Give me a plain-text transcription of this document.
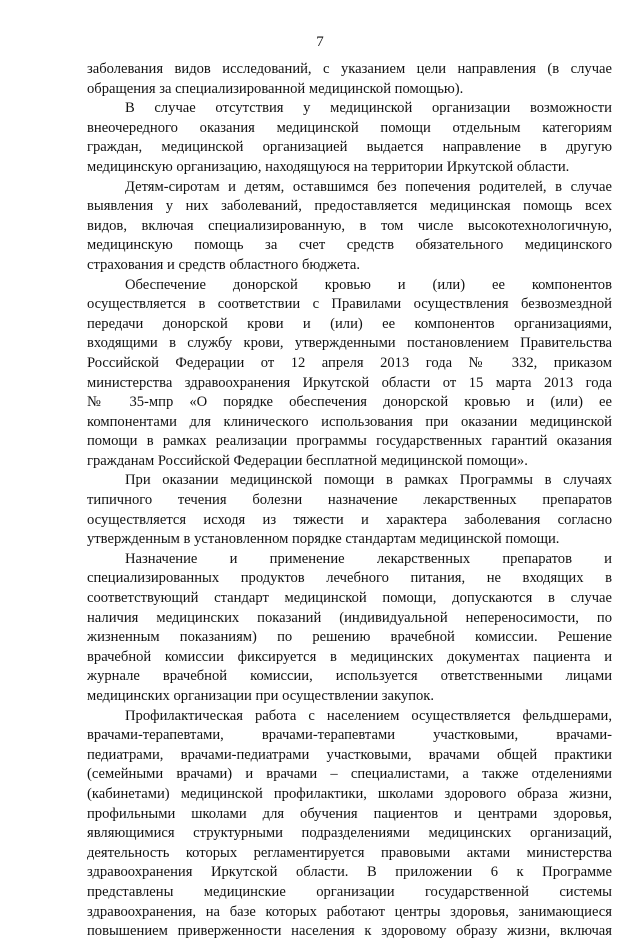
7
заболевания видов исследований, с указанием цели направления (в случае
обращения за специализированной медицинской помощью).
В случае отсутствия у медицинской организации возможности
внеочередного оказания медицинской помощи отдельным категориям
граждан, медицинской организацией выдается направление в другую
медицинскую организацию, находящуюся на территории Иркутской области.
Детям-сиротам и детям, оставшимся без попечения родителей, в случае
выявления у них заболеваний, предоставляется медицинская помощь всех
видов, включая специализированную, в том числе высокотехнологичную,
медицинскую помощь за счет средств обязательного медицинского
страхования и средств областного бюджета.
Обеспечение донорской кровью и (или) ее компонентов
осуществляется в соответствии с Правилами осуществления безвозмездной
передачи донорской крови и (или) ее компонентов организациями,
входящими в службу крови, утвержденными постановлением Правительства
Российской Федерации от 12 апреля 2013 года № 332, приказом
министерства здравоохранения Иркутской области от 15 марта 2013 года
№ 35-мпр «О порядке обеспечения донорской кровью и (или) ее
компонентами для клинического использования при оказании медицинской
помощи в рамках реализации программы государственных гарантий оказания
гражданам Российской Федерации бесплатной медицинской помощи».
При оказании медицинской помощи в рамках Программы в случаях
типичного течения болезни назначение лекарственных препаратов
осуществляется исходя из тяжести и характера заболевания согласно
утвержденным в установленном порядке стандартам медицинской помощи.
Назначение и применение лекарственных препаратов и
специализированных продуктов лечебного питания, не входящих в
соответствующий стандарт медицинской помощи, допускаются в случае
наличия медицинских показаний (индивидуальной непереносимости, по
жизненным показаниям) по решению врачебной комиссии. Решение
врачебной комиссии фиксируется в медицинских документах пациента и
журнале врачебной комиссии, используется ответственными лицами
медицинских организации при осуществлении закупок.
Профилактическая работа с населением осуществляется фельдшерами,
врачами-терапевтами, врачами-терапевтами участковыми, врачами-
педиатрами, врачами-педиатрами участковыми, врачами общей практики
(семейными врачами) и врачами – специалистами, а также отделениями
(кабинетами) медицинской профилактики, школами здорового образа жизни,
профильными школами для обучения пациентов и центрами здоровья,
являющимися структурными подразделениями медицинских организаций,
деятельность которых регламентируется правовыми актами министерства
здравоохранения Иркутской области. В приложении 6 к Программе
представлены медицинские организации государственной системы
здравоохранения, на базе которых работают центры здоровья, занимающиеся
повышением приверженности населения к здоровому образу жизни, включая
